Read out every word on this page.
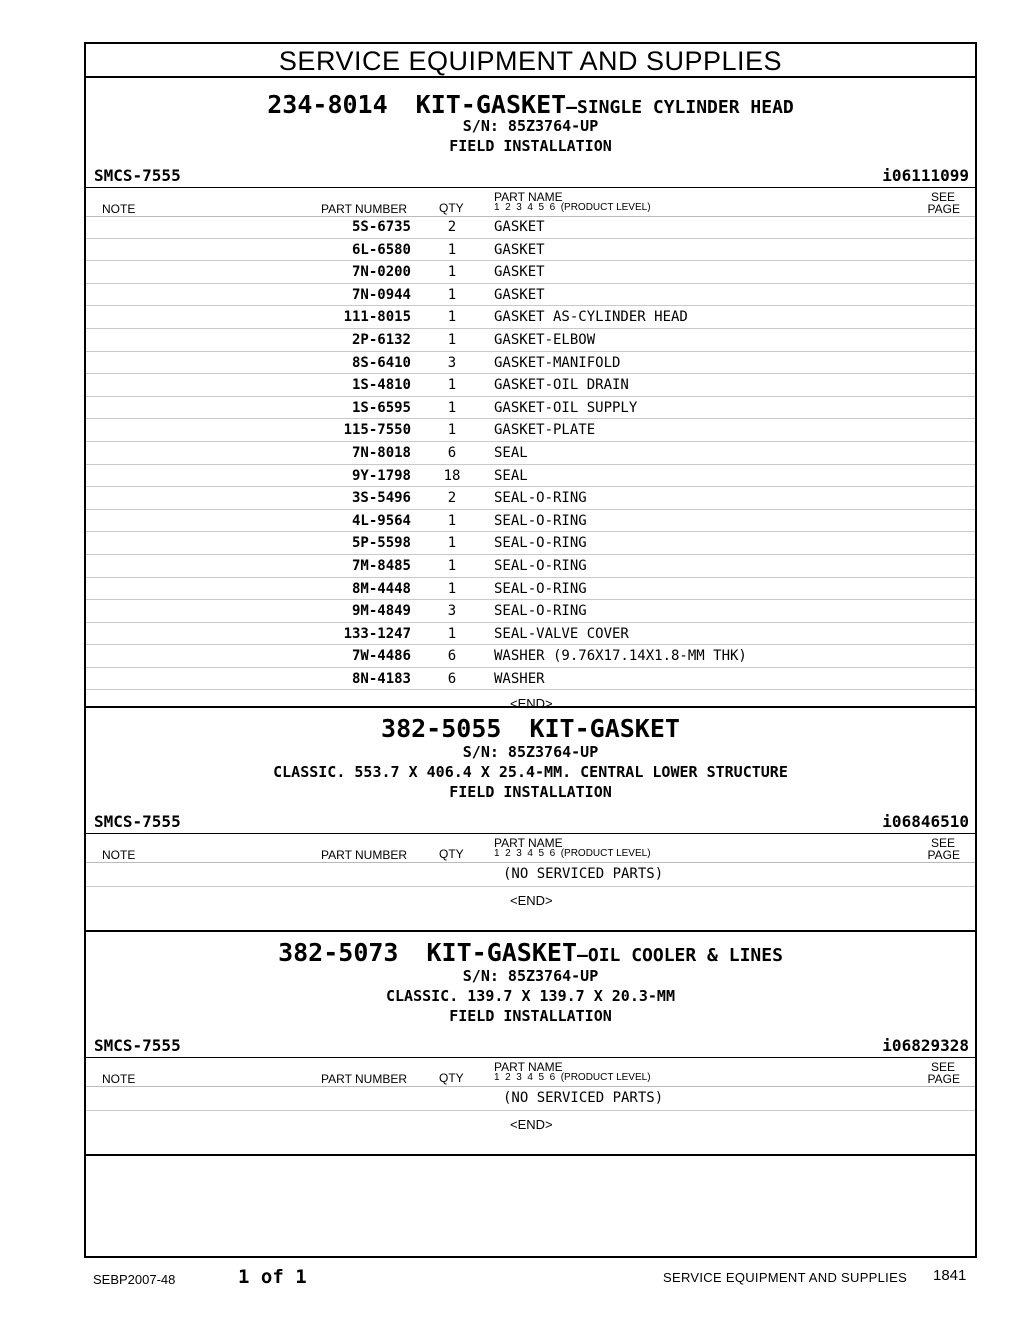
SERVICE EQUIPMENT AND SUPPLIES
234-8014 KIT-GASKET—SINGLE CYLINDER HEAD
S/N: 85Z3764-UP
FIELD INSTALLATION
SMCS-7555	i06111099
NOTE	PART NUMBER	QTY
PART NAME
1  2  3  4  5  6  (PRODUCT LEVEL)
SEE
PAGE
5S-6735	2	GASKET
6L-6580	1	GASKET
7N-0200	1	GASKET
7N-0944	1	GASKET
111-8015	1	GASKET AS-CYLINDER HEAD
2P-6132	1	GASKET-ELBOW
8S-6410	3	GASKET-MANIFOLD
1S-4810	1	GASKET-OIL DRAIN
1S-6595	1	GASKET-OIL SUPPLY
115-7550	1	GASKET-PLATE
7N-8018	6	SEAL
9Y-1798	18	SEAL
3S-5496	2	SEAL-O-RING
4L-9564	1	SEAL-O-RING
5P-5598	1	SEAL-O-RING
7M-8485	1	SEAL-O-RING
8M-4448	1	SEAL-O-RING
9M-4849	3	SEAL-O-RING
133-1247	1	SEAL-VALVE COVER
7W-4486	6	WASHER (9.76X17.14X1.8-MM THK)
8N-4183	6	WASHER
<END>
382-5055 KIT-GASKET
S/N: 85Z3764-UP
CLASSIC. 553.7 X 406.4 X 25.4-MM. CENTRAL LOWER STRUCTURE
FIELD INSTALLATION
SMCS-7555	i06846510
NOTE	PART NUMBER	QTY
PART NAME
1  2  3  4  5  6  (PRODUCT LEVEL)
SEE
PAGE
(NO SERVICED PARTS)
<END>
382-5073 KIT-GASKET—OIL COOLER & LINES
S/N: 85Z3764-UP
CLASSIC. 139.7 X 139.7 X 20.3-MM
FIELD INSTALLATION
SMCS-7555	i06829328
NOTE	PART NUMBER	QTY
PART NAME
1  2  3  4  5  6  (PRODUCT LEVEL)
SEE
PAGE
(NO SERVICED PARTS)
<END>
SEBP2007-48	1 of 1	SERVICE EQUIPMENT AND SUPPLIES 1841
